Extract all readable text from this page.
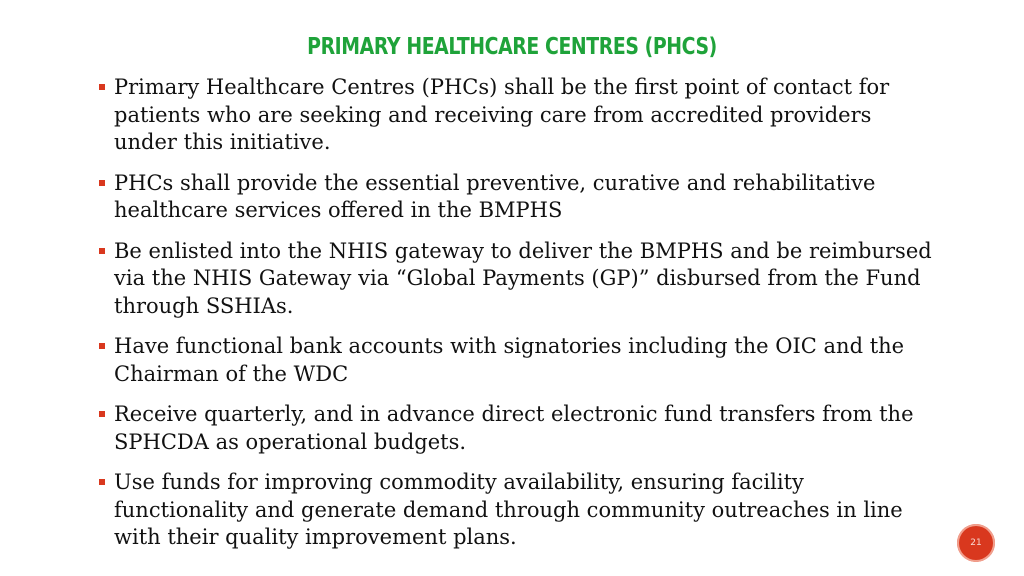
PRIMARY HEALTHCARE CENTRES (PHCS)
Primary Healthcare Centres (PHCs) shall be the first point of contact for patients who are seeking and receiving care from accredited providers under this initiative.
PHCs shall provide the essential preventive, curative and rehabilitative healthcare services offered in the BMPHS
Be enlisted into the NHIS gateway to deliver the BMPHS and be reimbursed via the NHIS Gateway via “Global Payments (GP)” disbursed from the Fund through SSHIAs.
Have functional bank accounts with signatories including the OIC and the Chairman of the WDC
Receive quarterly, and in advance direct electronic fund transfers from the SPHCDA as operational budgets.
Use funds for improving commodity availability, ensuring facility functionality and generate demand through community outreaches in line with their quality improvement plans.	21
